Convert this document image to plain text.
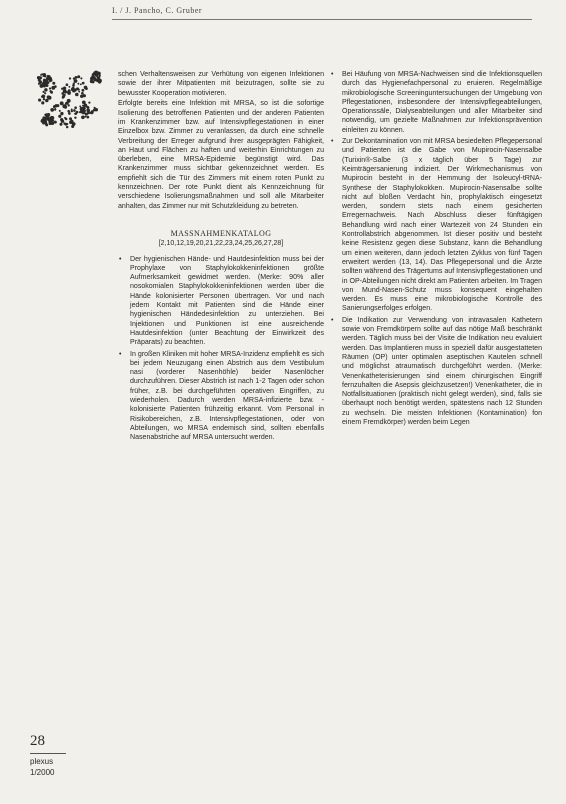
I. / J. Pancho, C. Gruber

schen Verhaltensweisen zur Verhütung von eigenen Infektionen sowie der ihrer Mitpatienten mit beizutragen, sollte sie zu bewusster Kooperation motivieren.

Erfolgte bereits eine Infektion mit MRSA, so ist die sofortige Isolierung des betroffenen Patienten und der anderen Patienten im Krankenzimmer bzw. auf Intensivpflegestationen in einer Einzelbox bzw. Zimmer zu veranlassen, da durch eine schnelle Verbreitung der Erreger aufgrund ihrer ausgeprägten Fähigkeit, an Haut und Flächen zu haften und weiterhin Einrichtungen zu überleben, eine MRSA-Epidemie begünstigt wird. Das Krankenzimmer muss sichtbar gekennzeichnet werden. Es empfiehlt sich die Tür des Zimmers mit einem roten Punkt zu kennzeichnen. Der rote Punkt dient als Kennzeichnung für verschiedene Isolierungsmaßnahmen und soll alle Mitarbeiter anhalten, das Zimmer nur mit Schutzkleidung zu betreten.

MASSNAHMENKATALOG
[2,10,12,19,20,21,22,23,24,25,26,27,28]
• Der hygienischen Hände- und Hautdesinfektion muss bei der Prophylaxe von Staphylokokkeninfektionen größte Aufmerksamkeit gewidmet werden. (Merke: 90% aller nosokomialen Staphylokokkeninfektionen werden über die Hände kolonisierter Personen übertragen. Vor und nach jedem Kontakt mit Patienten sind die Hände einer hygienischen Händedesinfektion zu unterziehen. Bei Injektionen und Punktionen ist eine ausreichende Hautdesinfektion (unter Beachtung der Einwirkzeit des Präparats) zu beachten.
• In großen Kliniken mit hoher MRSA-Inzidenz empfiehlt es sich bei jedem Neuzugang einen Abstrich aus dem Vestibulum nasi (vorderer Nasenhöhle) beider Nasenlöcher durchzuführen. Dieser Abstrich ist nach 1-2 Tagen oder schon früher, z.B. bei durchgeführten operativen Eingriffen, zu wiederholen. Dadurch werden MRSA-infizierte bzw. -kolonisierte Patienten frühzeitig erkannt. Vom Personal in Risikobereichen, z.B. Intensivpflegestationen, oder von Abteilungen, wo MRSA endemisch sind, sollten ebenfalls Nasenabstriche auf MRSA untersucht werden.
• Bei Häufung von MRSA-Nachweisen sind die Infektionsquellen durch das Hygienefachpersonal zu eruieren. Regelmäßige mikrobiologische Screeninguntersuchungen der Umgebung von Pflegestationen, insbesondere der Intensivpflegeabteilungen, Operationssäle, Dialyseabteilungen und aller Mitarbeiter sind notwendig, um gezielte Maßnahmen zur Infektionsprävention einleiten zu können.
• Zur Dekontamination von mit MRSA besiedelten Pflegepersonal und Patienten ist die Gabe von Mupirocin-Nasensalbe (Turixin®-Salbe (3 x täglich über 5 Tage) zur Keimträgersanierung indiziert. Der Wirkmechanismus von Mupirocin besteht in der Hemmung der Isoleucyl-tRNA-Synthese der Staphylokokken. Mupirocin-Nasensalbe sollte nicht auf bloßen Verdacht hin, prophylaktisch eingesetzt werden, sondern stets nach einem gesicherten Erregernachweis. Nach Abschluss dieser fünftägigen Behandlung wird nach einer Wartezeit von 24 Stunden ein Kontrollabstrich abgenommen. Ist dieser positiv und besteht keine Resistenz gegen diese Substanz, kann die Behandlung um einen weiteren, dann jedoch letzten Zyklus von fünf Tagen erweitert werden (13, 14). Das Pflegepersonal und die Ärzte sollten während des Trägertums auf Intensivpflegestationen und in OP-Abteilungen nicht direkt am Patienten arbeiten. Im Tragen von Mund-Nasen-Schutz muss konsequent eingehalten werden. Es muss eine mikrobiologische Kontrolle des Sanierungserfolges erfolgen.
• Die Indikation zur Verwendung von intravasalen Kathetern sowie von Fremdkörpern sollte auf das nötige Maß beschränkt werden. Täglich muss bei der Visite die Indikation neu evaluiert werden. Das Implantieren muss in speziell dafür ausgestatteten Räumen (OP) unter optimalen aseptischen Kautelen schnell und möglichst atraumatisch durchgeführt werden. (Merke: Venenkatheterisierungen sind einem chirurgischen Eingriff fernzuhalten die Asepsis gleichzusetzen!) Venenkatheter, die in Notfallsituationen (praktisch nicht gelegt werden), sind, falls sie überhaupt noch benötigt werden, spätestens nach 12 Stunden zu wechseln. Die meisten Infektionen (Kontamination) fon einem Fremdkörper) werden beim Legen
28
plexus
1/2000
